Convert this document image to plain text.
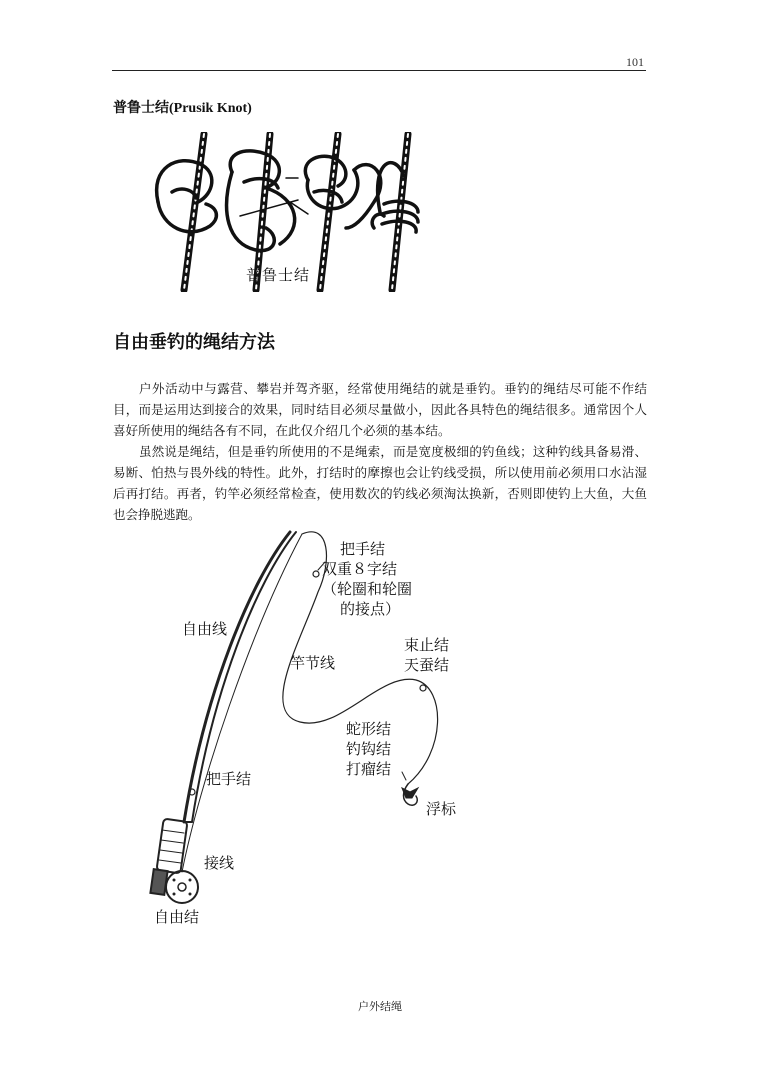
101
普鲁士结(Prusik Knot)
普鲁士结
自由垂钓的绳结方法

户外活动中与露营、攀岩并驾齐驱，经常使用绳结的就是垂钓。垂钓的绳结尽可能不作结目，而是运用达到接合的效果，同时结目必须尽量做小，因此各具特色的绳结很多。通常因个人喜好所使用的绳结各有不同，在此仅介绍几个必须的基本结。

虽然说是绳结，但是垂钓所使用的不是绳索，而是宽度极细的钓鱼线；这种钓线具备易滑、易断、怕热与畏外线的特性。此外，打结时的摩擦也会让钓线受损，所以使用前必须用口水沾湿后再打结。再者，钓竿必须经常检查，使用数次的钓线必须淘汰换新，否则即使钓上大鱼，大鱼也会挣脱逃跑。

把手结
双重８字结
（轮圈和轮圈
的接点）
自由线
竿节线
束止结
天蚕结
蛇形结
钓钩结
打瘤结
浮标
把手结
接线
自由结
户外结绳
